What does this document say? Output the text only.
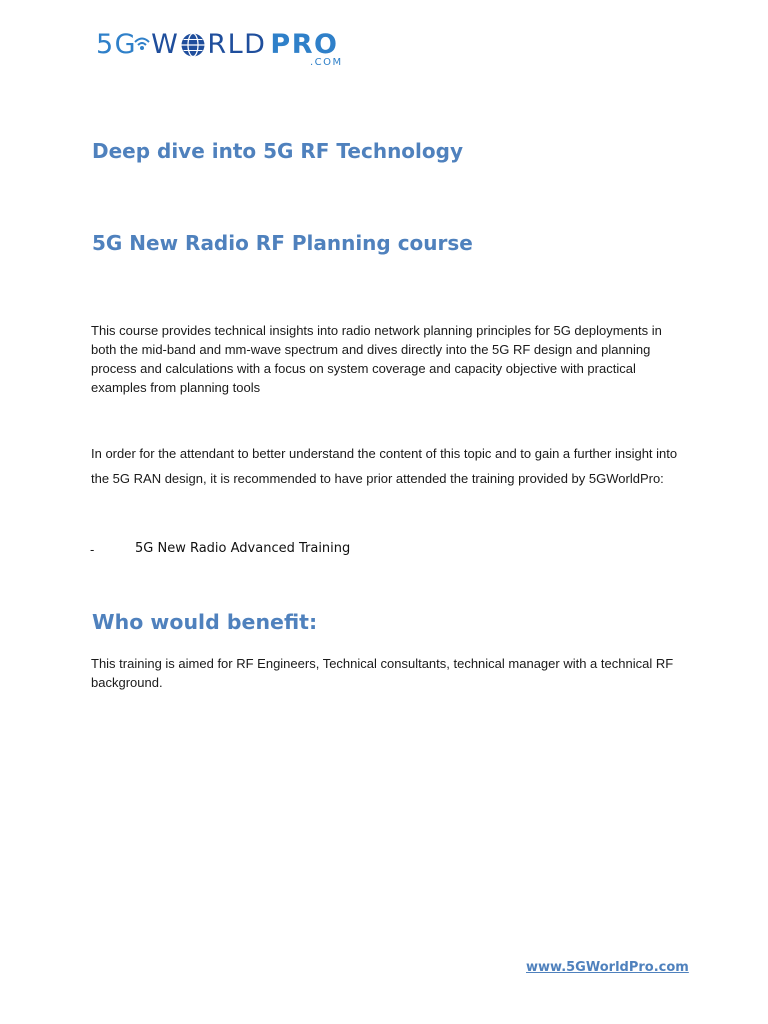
5G W RLD PRO
.COM
Deep dive into 5G RF Technology
5G New Radio RF Planning course

This course provides technical insights into radio network planning principles for 5G deployments in both the mid-band and mm-wave spectrum and dives directly into the 5G RF design and planning process and calculations with a focus on system coverage and capacity objective with practical examples from planning tools

In order for the attendant to better understand the content of this topic and to gain a further insight into the 5G RAN design, it is recommended to have prior attended the training provided by 5GWorldPro:

-	5G New Radio Advanced Training
Who would benefit:

This training is aimed for RF Engineers, Technical consultants, technical manager with a technical RF background.

www.5GWorldPro.com
